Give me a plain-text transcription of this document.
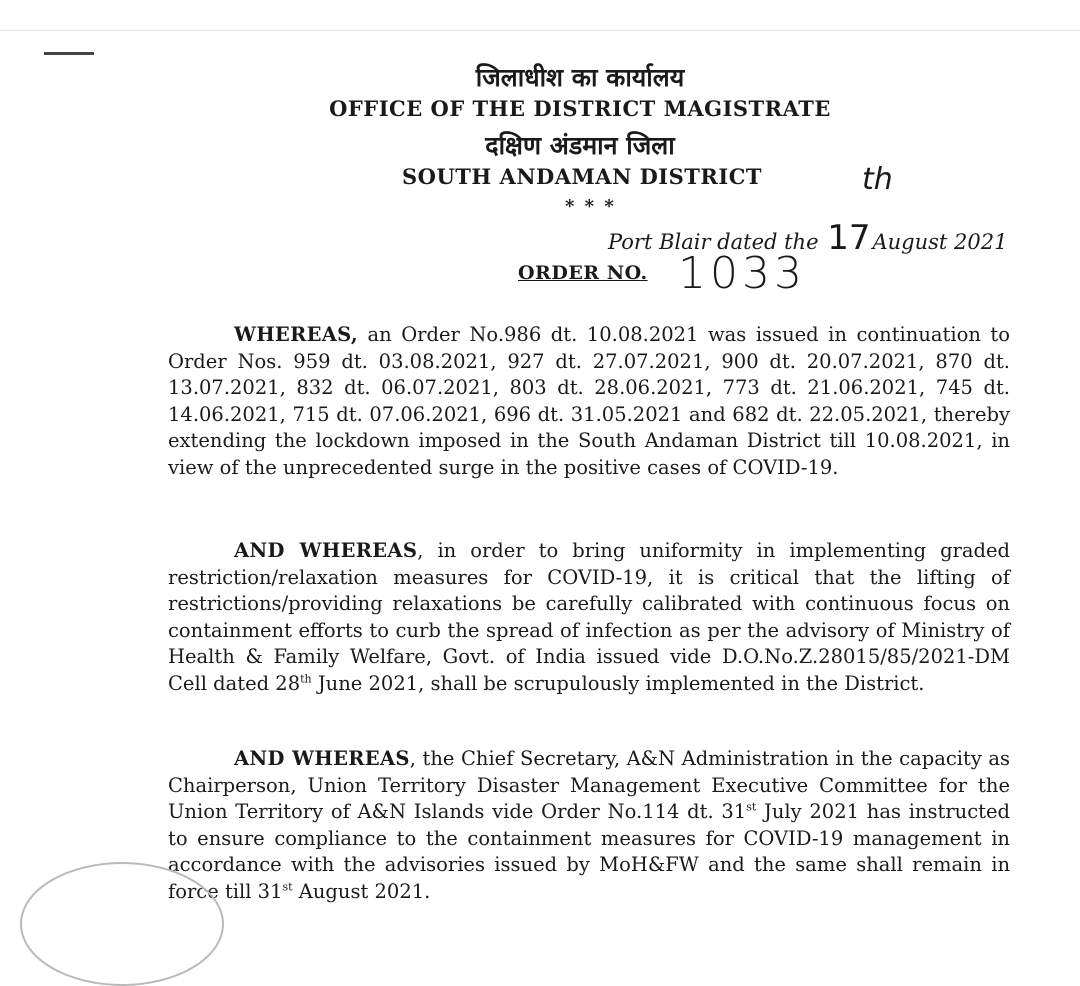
जिलाधीश का कार्यालय
OFFICE OF THE DISTRICT MAGISTRATE
दक्षिण अंडमान जिला
SOUTH ANDAMAN DISTRICT
* * *
th
Port Blair dated the 17August 2021
ORDER NO. 1033
WHEREAS, an Order No.986 dt. 10.08.2021 was issued in continuation to Order Nos. 959 dt. 03.08.2021, 927 dt. 27.07.2021, 900 dt. 20.07.2021, 870 dt. 13.07.2021, 832 dt. 06.07.2021, 803 dt. 28.06.2021, 773 dt. 21.06.2021, 745 dt. 14.06.2021, 715 dt. 07.06.2021, 696 dt. 31.05.2021 and 682 dt. 22.05.2021, thereby extending the lockdown imposed in the South Andaman District till 10.08.2021, in view of the unprecedented surge in the positive cases of COVID-19.
AND WHEREAS, in order to bring uniformity in implementing graded restriction/relaxation measures for COVID-19, it is critical that the lifting of restrictions/providing relaxations be carefully calibrated with continuous focus on containment efforts to curb the spread of infection as per the advisory of Ministry of Health & Family Welfare, Govt. of India issued vide D.O.No.Z.28015/85/2021-DM Cell dated 28th June 2021, shall be scrupulously implemented in the District.
AND WHEREAS, the Chief Secretary, A&N Administration in the capacity as Chairperson, Union Territory Disaster Management Executive Committee for the Union Territory of A&N Islands vide Order No.114 dt. 31st July 2021 has instructed to ensure compliance to the containment measures for COVID-19 management in accordance with the advisories issued by MoH&FW and the same shall remain in force till 31st August 2021.
